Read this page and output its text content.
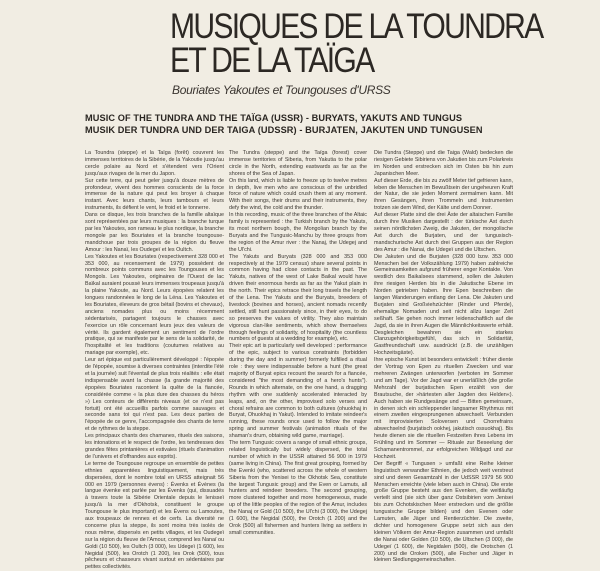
MUSIQUES DE LA TOUNDRA
ET DE LA TAÏGA
Bouriates Yakoutes et Toungouses d'URSS
MUSIC OF THE TUNDRA AND THE TAÏGA (USSR) - BURYATS, YAKUTS AND TUNGUS
MUSIK DER TUNDRA UND DER TAIGA (UDSSR) - BURJATEN, JAKUTEN UND TUNGUSEN

La Toundra (steppe) et la Taïga (forêt) couvrent les immenses territoires de la Sibérie, de la Yakoutie jusqu'au cercle polaire au Nord et s'étendent vers l'Orient jusqu'aux rivages de la mer du Japon.

Sur cette terre, qui peut geler jusqu'à douze mètres de profondeur, vivent des hommes conscients de la force immense de la nature qui peut les broyer à chaque instant. Avec leurs chants, leurs tambours et leurs instruments, ils défient le vent, le froid et le tonnerre.

Dans ce disque, les trois branches de la famille altaïque sont représentées par leurs musiques : la branche turque par les Yakoutes, son rameau le plus nordique, la branche mongole par les Bouriates et la branche toungouse-mandchoue par trois groupes de la région du fleuve Amour : les Nanaï, les Oudegeï et les Oultch.

Les Yakoutes et les Bouriates (respectivement 328 000 et 353 000, au recensement de 1979) possèdent de nombreux points communs avec les Toungouses et les Mongols. Les Yakoutes, originaires de l'Ouest de lac Baïkal auraient poussé leurs immenses troupeaux jusqu'à la plaine Yakoute, au Nord. Leurs épopées relatent les longues randonnées le long de la Léna. Les Yakoutes et les Bouriates, éleveurs de gros bétail (bovins et chevaux), anciens nomades plus ou moins récemment sédentarisés, partagent toujours le chasses avec l'exercice un rôle concernant leurs jeux des valeurs de vérité. Ils gardent également un sentiment de l'ordre pratique, qui se manifeste par le sens de la solidarité, de l'hospitalité et les traditions (coutumes relatives au mariage par exemple), etc.

Leur art épique est particulièrement développé : l'épopée de l'épopée, soumise à diverses contraintes (interdite l'été et la journée) suit l'éventail de plus trois réalités : elle était indispensable avant la chasse (la grande majorité des épopées Bouriates racontent la quête de la fiancée, considérée comme « la plus dure des chasses du héros ») Les conteurs de différents niveaux (et ce n'est pas fortuit) ont été accueillis parfois comme sauvages et seconde sans toi qui n'est pas. Les deux parties de l'épopée de ce genre, l'accompagnée des chants de terre et de rythmes de la steppe.

Les principaux chants des chamanes, rituels des saisons, les intonations et le respect de l'ordre, les tendresses des grandes fêtes printanières et estivales (rituels d'animation de l'univers et d'offrandes aux esprits).

Le terme de Toungouse regroupe un ensemble de petites ethnies apparentées linguistiquement, mais très dispersées, dont le nombre total en URSS atteignait 56 000 en 1979 (personnes évens) : Évenks et Évènes (la langue évenke est parlée par les Évenks (qui, dissuadés à travers toute la Sibérie Orientale depuis le Ienisseï jusqu'à la mer d'Okhotsk, constituent le groupe Toungouse le plus important) et les Évens ou Lamoutes, aux troupeaux de rennes et de cerfs. La diversité ne concerne plus la steppe, ils sont moins très isolés de nous même, dispersés en petits villages, et les Oudegeï sur la région du fleuve de l'Amour, comprend les Nanaï ou Goldi (10 500), les Oultch (3 000), les Udegeï (1 600), les Negidal (500), les Orotch (1 200), les Orok (500), tous pêcheurs et chasseurs vivant surtout en sédentaires par petites collectivités.

The Tundra (steppe) and the Taïga (forest) cover immense territories of Siberia, from Yakutia to the polar circle in the North, extending eastwards as far as the shores of the Sea of Japan.

On this land, which is liable to freeze up to twelve metres in depth, live men who are conscious of the unbridled force of nature which could crush them at any moment. With their songs, their drums and their instruments, they defy the wind, the cold and the thunder.

In this recording, music of the three branches of the Altaic family is represented : the Turkish branch by the Yakuts, its most northern bough, the Mongolian branch by the Buryats and the Tungusic-Manchu by three groups from the region of the Amur river : the Nanaj, the Udegej and the Ul'chi.

The Yakuts and Buryats (328 000 and 353 000 respectively at the 1979 census) share several points in common having had close contacts in the past. The Yakuts, natives of the west of Lake Baikal would have driven their enormous herds as far as the Yakut plain in the north. Their epics retrace their long travels the length of the Lena. The Yakuts and the Buryats, breeders of livestock (bovines and horses), ancient nomads recently settled, still hunt passionately since, in their eyes, to do so preserves the values of virility. They also maintain vigorous clan-like sentiments, which show themselves through feelings of solidarity, of hospitality (the countless numbers of guests at a wedding for example), etc.

Their epic art is particularly well developed : performance of the epic, subject to various constraints (forbidden during the day and in summer) formerly fulfilled a ritual role : they were indispensable before a hunt (the great majority of Buryat epics recount the search for a fiancée, considered "the most demanding of a hero's hunts"). Rounds in which alternate, on the one hand, a dragging rhythm with one suddenly accelerated interacted by leaps, and, on the other, improvised solo verses and choral refrains are common to both cultures (ohuokhaj in Buryat, Ohuokhaj in Yakut). Intended to imitate reindeer's running, these rounds once used to follow the major spring and summer festivals (animation rituals of the shaman's drum, obtaining wild game, marriage).

The term Tungusic covers a range of small ethnic groups, related linguistically but widely dispersed, the total number of which in the USSR attained 56 900 in 1979 (same living in China). The first great grouping, formed by the Evenki (who, scattered across the whole of western Siberia from the Yenisei to the Okhotsk Sea, constitute the largest Tungusic group) and the Even or Lamuts, all hunters and reindeer breeders. The second grouping, more clustered together and more homogeneous, made up of the little peoples of the region of the Amur, includes the Nanaj or Gold (10 500), the Ul'chi (3 000), the Udegej (1 600), the Negidal (500), the Orotch (1 200) and the Orok (500) all fishermen and hunters living as settlers in small communities.

Die Tundra (Steppe) und die Taiga (Wald) bedecken die riesigen Gebiete Sibiriens von Jakutien bis zum Polarkreis im Norden und erstrecken sich im Osten bis hin zum Japanischen Meer.

Auf dieser Erde, die bis zu zwölf Meter tief gefrieren kann, leben die Menschen im Bewußtsein der ungeheuren Kraft der Natur, die sie jeden Moment zermalmen kann. Mit ihren Gesängen, ihren Trommeln und Instrumenten trotzen sie dem Wind, der Kälte und dem Donner.

Auf dieser Platte sind die drei Äste der altaischen Familie durch ihre Musiken dargestellt : der türkische Ast durch seinen nördlichsten Zweig, die Jakuten, der mongolische Ast durch die Burjaten, und der tungusisch-mandschurische Ast durch drei Gruppen aus der Region des Amur : die Nanai, die Udegeï und die Ultschen.

Die Jakuten und die Burjaten (328 000 bzw. 353 000 Menschen bei der Volkszählung 1979) haben zahlreiche Gemeinsamkeiten aufgrund früherer enger Kontakte. Von westlich des Baikalsees stammend, sollen die Jakuten ihre riesigen Herden bis in die Jakutische Ebene im Norden getrieben haben. Ihre Epen beschreiben die langen Wanderungen entlang der Lena. Die Jakuten und Burjaten sind Großviehzüchter (Rinder und Pferde), ehemalige Nomaden und seit nicht allzu langer Zeit seßhaft. Sie gehen noch immer leidenschaftlich auf die Jagd, da sie in ihren Augen die Männlichkeitswerte erhält. Desgleichen bewahren sie ein starkes Clanzugehörigkeitsgefühl, das sich in Solidarität, Gastfreundschaft usw. ausdrückt (z.B. die unzähligen Hochzeitsgäste).

Ihre epische Kunst ist besonders entwickelt : früher diente der Vortrag von Epen zu rituellen Zwecken und war mehreren Zwängen unterworfen (verboten im Sommer und am Tage). Vor der Jagd war er unerläßlich (die große Mehrzahl der burjatischen Epen erzählt von der Brautsuche, der »härtesten aller Jagden des Helden«). Auch haben sie Rundgesänge und — Bitten gemeinsam, in denen sich ein schleppender langsamer Rhythmus mit einem zweiten eingesprungenen abwechselt. Verbunden mit improvisierten Soloversen und Chorrefrains abwechselnd (burjatisch ookhej, jakutisch ossuokhaj). Bis heute dienen sie die rituellen Festzeiten ihres Lebens im Frühling und im Sommer — Rituale zur Beseelung der Schamanentrommel, zur erfolgreichen Wildjagd und zur Hochzeit.

Der Begriff « Tungusen » umfaßt eine Reihe kleiner linguistisch verwandter Ethnien, die jedoch weit verstreut sind und deren Gesamtzahl in der UdSSR 1979 56 900 Menschen erreichte (viele leben auch in China). Die erste große Gruppe besteht aus den Evenken, die weitläufig verteilt sind (sie sich über ganz Ostsibirien vom Jenisei bis zum Ochotskischen Meer erstrecken und die größte tungusische Gruppe bilden) und den Evenen oder Lamuten, alle Jäger und Rentierzüchter. Die zweite, dichter und homogenere Gruppe setzt sich aus den kleinen Völkern der Amur-Region zusammen und umfaßt die Nanai oder Golden (10 500), die Ultschen (3 000), die Udegeï (1 600), die Negidalen (500), die Orotschen (1 200) und die Oroken (500), alle Fischer und Jäger in kleinen Siedlungsgemeinschaften.
